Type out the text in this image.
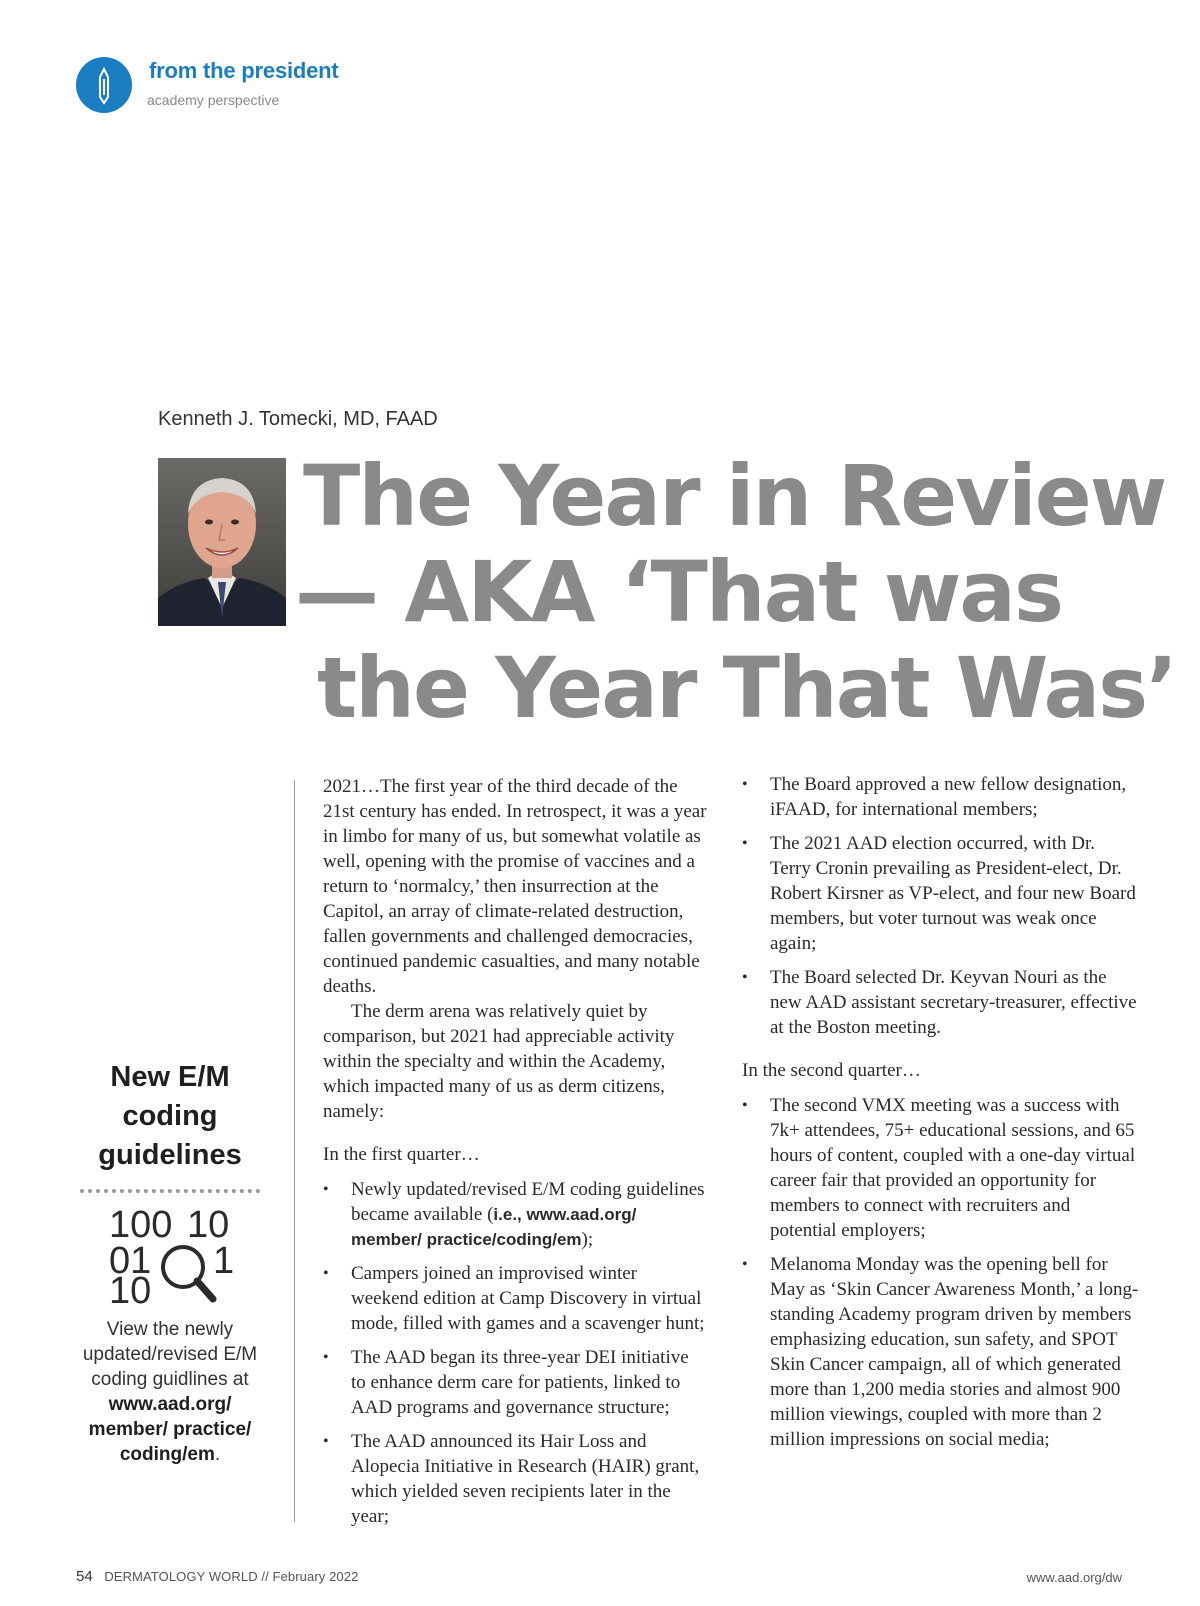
from the president
academy perspective
Kenneth J. Tomecki, MD, FAAD
The Year in Review
— AKA ‘That was
the Year That Was’
New E/M coding guidelines
100 10
01 1
10
View the newly updated/revised E/M coding guidlines at www.aad.org/ member/ practice/ coding/em.

2021…The first year of the third decade of the 21st century has ended. In retrospect, it was a year in limbo for many of us, but somewhat volatile as well, opening with the promise of vaccines and a return to ‘normalcy,’ then insurrection at the Capitol, an array of climate-related destruction, fallen governments and challenged democracies, continued pandemic casualties, and many notable deaths.

The derm arena was relatively quiet by comparison, but 2021 had appreciable activity within the specialty and within the Academy, which impacted many of us as derm citizens, namely:

In the first quarter…

• Newly updated/revised E/M coding guidelines became available (i.e., www.aad.org/ member/ practice/coding/em);
• Campers joined an improvised winter weekend edition at Camp Discovery in virtual mode, filled with games and a scavenger hunt;
• The AAD began its three-year DEI initiative to enhance derm care for patients, linked to AAD programs and governance structure;
• The AAD announced its Hair Loss and Alopecia Initiative in Research (HAIR) grant, which yielded seven recipients later in the year;
• The Board approved a new fellow designation, iFAAD, for international members;
• The 2021 AAD election occurred, with Dr. Terry Cronin prevailing as President-elect, Dr. Robert Kirsner as VP-elect, and four new Board members, but voter turnout was weak once again;
• The Board selected Dr. Keyvan Nouri as the new AAD assistant secretary-treasurer, effective at the Boston meeting.

In the second quarter…

• The second VMX meeting was a success with 7k+ attendees, 75+ educational sessions, and 65 hours of content, coupled with a one-day virtual career fair that provided an opportunity for members to connect with recruiters and potential employers;
• Melanoma Monday was the opening bell for May as ‘Skin Cancer Awareness Month,’ a long-standing Academy program driven by members emphasizing education, sun safety, and SPOT Skin Cancer campaign, all of which generated more than 1,200 media stories and almost 900 million viewings, coupled with more than 2 million impressions on social media;
54 DERMATOLOGY WORLD // February 2022	www.aad.org/dw
